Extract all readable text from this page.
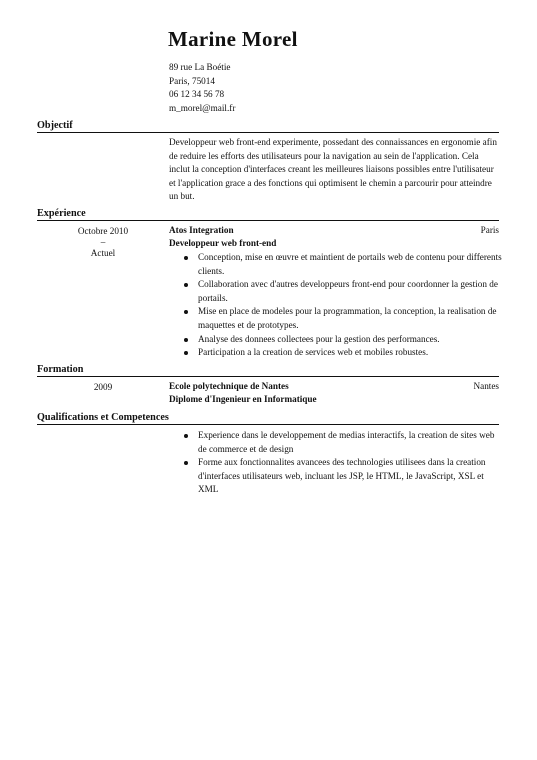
Marine Morel
89 rue La Boétie
Paris, 75014
06 12 34 56 78
m_morel@mail.fr
Objectif
Developpeur web front-end experimente, possedant des connaissances en ergonomie afin de reduire les efforts des utilisateurs pour la navigation au sein de l'application. Cela inclut la conception d'interfaces creant les meilleures liaisons possibles entre l'utilisateur et l'application grace a des fonctions qui optimisent le chemin a parcourir pour atteindre un but.
Expérience
Octobre 2010
–
Actuel
Atos Integration	Paris
Developpeur web front-end
Conception, mise en œuvre et maintient de portails web de contenu pour differents clients.
Collaboration avec d'autres developpeurs front-end pour coordonner la gestion de portails.
Mise en place de modeles pour la programmation, la conception, la realisation de maquettes et de prototypes.
Analyse des donnees collectees pour la gestion des performances.
Participation a la creation de services web et mobiles robustes.
Formation
2009	Ecole polytechnique de Nantes	Nantes
Diplome d'Ingenieur en Informatique
Qualifications et Competences
Experience dans le developpement de medias interactifs, la creation de sites web de commerce et de design
Forme aux fonctionnalites avancees des technologies utilisees dans la creation d'interfaces utilisateurs web, incluant les JSP, le HTML, le JavaScript, XSL et XML
